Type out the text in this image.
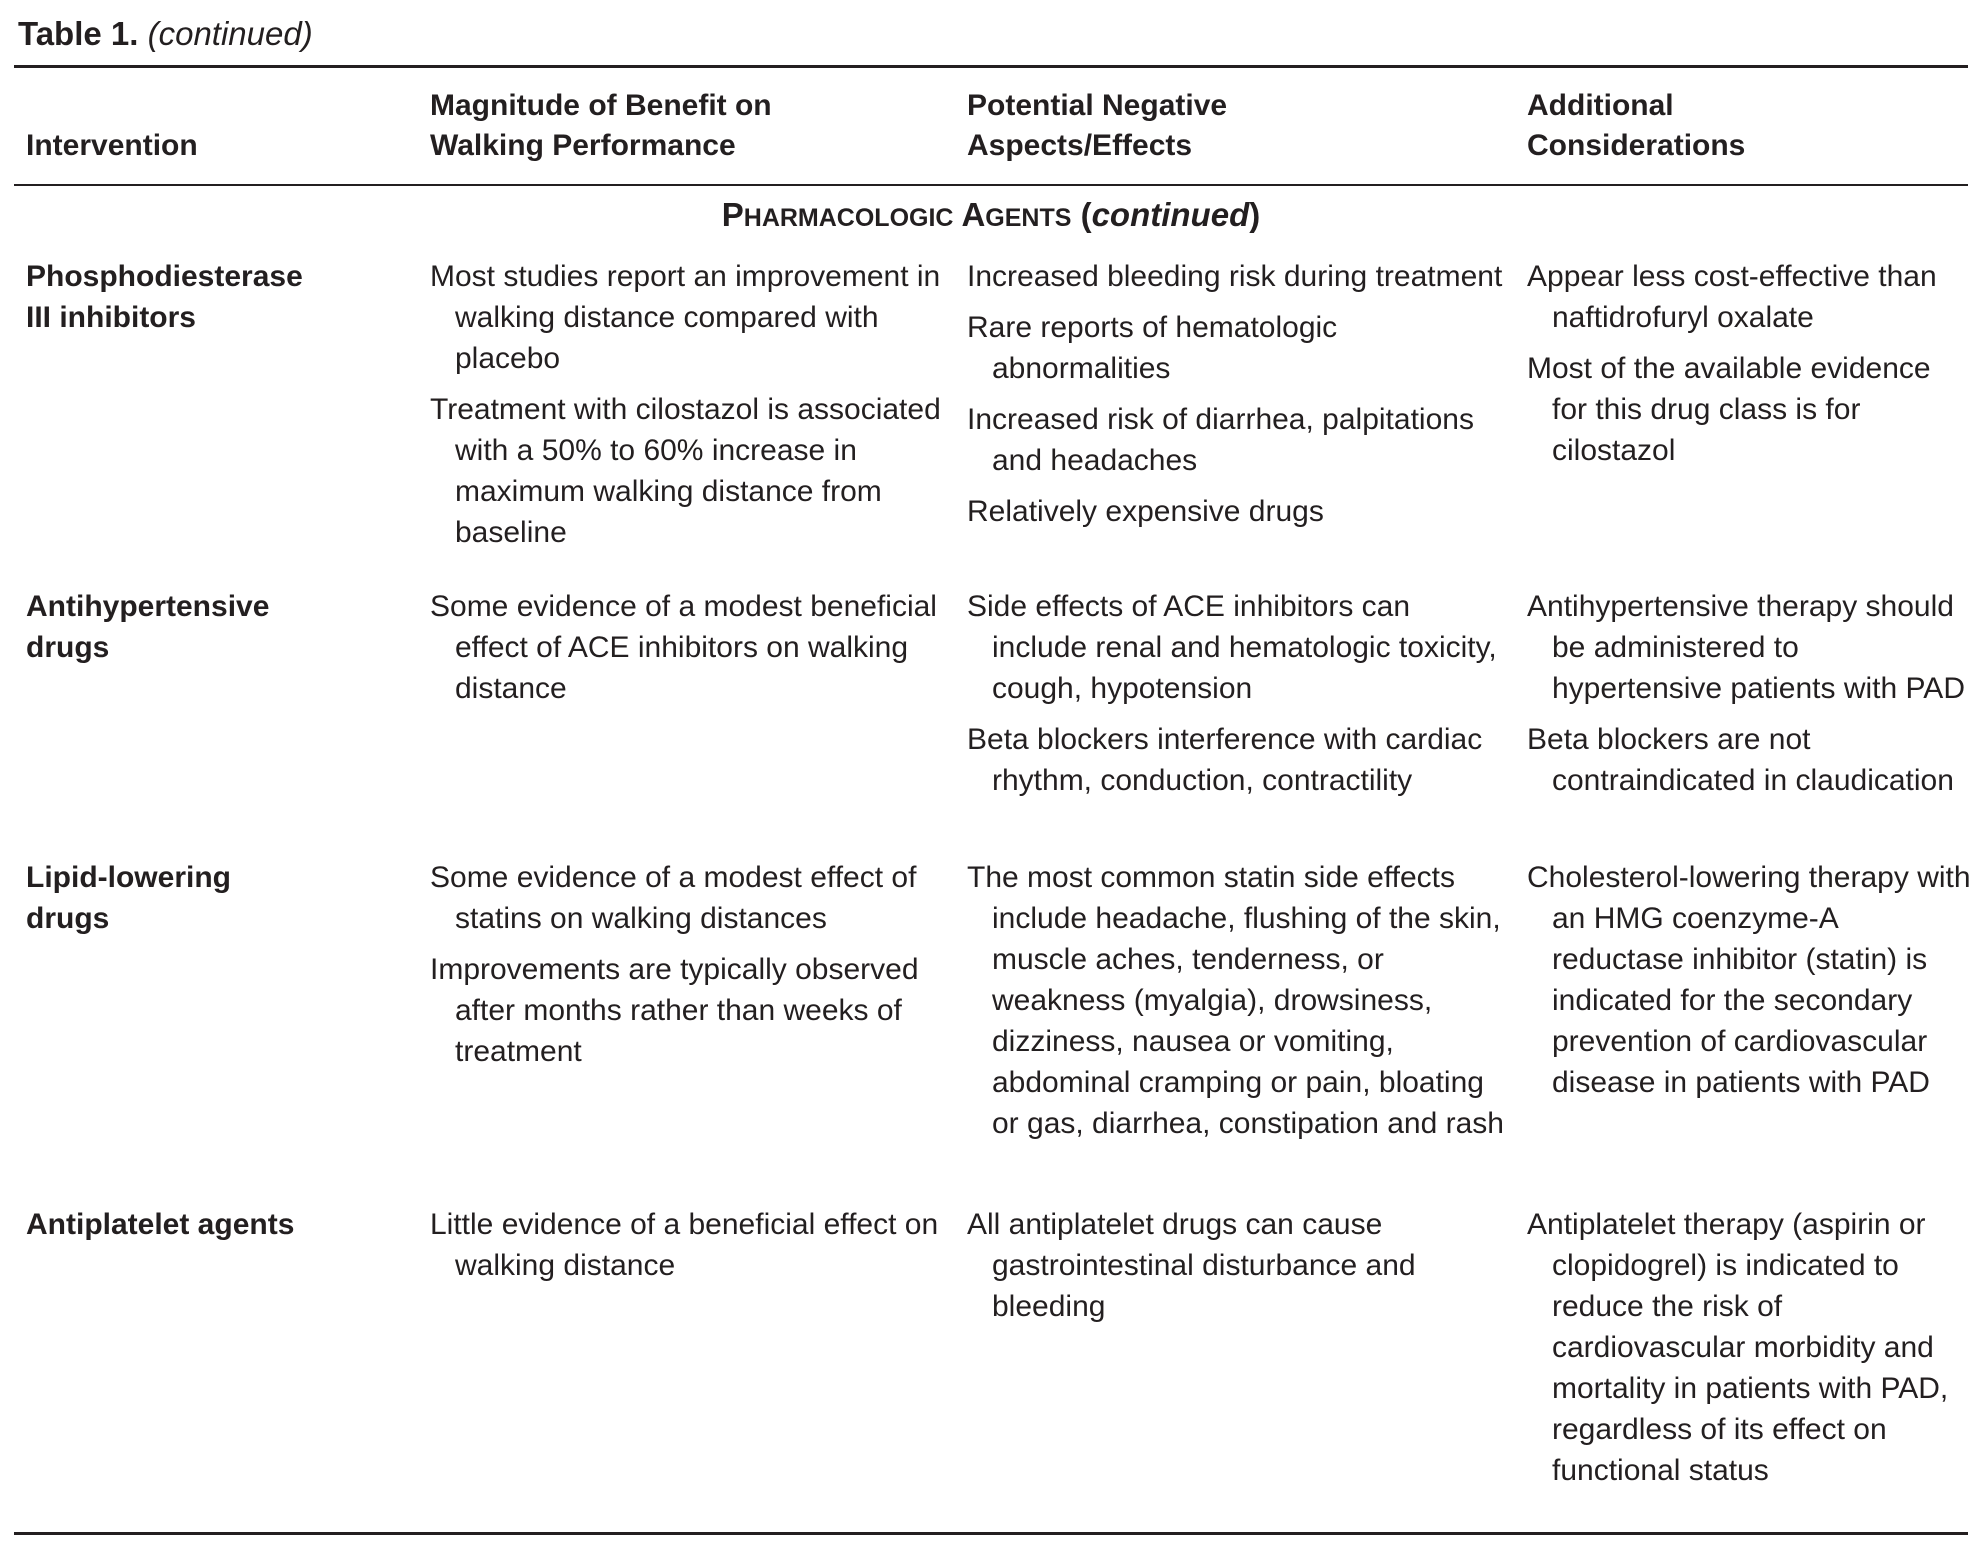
Table 1. (continued)

Intervention
Magnitude of Benefit on
Walking Performance
Potential Negative
Aspects/Effects
Additional
Considerations
PHARMACOLOGIC AGENTS (continued)
Phosphodiesterase
III inhibitors
Most studies report an improvement in walking distance compared with placebo
Treatment with cilostazol is associated with a 50% to 60% increase in maximum walking distance from baseline
Increased bleeding risk during treatment
Rare reports of hematologic abnormalities
Increased risk of diarrhea, palpitations and headaches
Relatively expensive drugs
Appear less cost-effective than naftidrofuryl oxalate
Most of the available evidence for this drug class is for cilostazol
Antihypertensive
drugs
Some evidence of a modest beneficial effect of ACE inhibitors on walking distance
Side effects of ACE inhibitors can include renal and hematologic toxicity, cough, hypotension
Beta blockers interference with cardiac rhythm, conduction, contractility
Antihypertensive therapy should be administered to hypertensive patients with PAD
Beta blockers are not contraindicated in claudication
Lipid-lowering
drugs
Some evidence of a modest effect of statins on walking distances
Improvements are typically observed after months rather than weeks of treatment
The most common statin side effects include headache, flushing of the skin, muscle aches, tenderness, or weakness (myalgia), drowsiness, dizziness, nausea or vomiting, abdominal cramping or pain, bloating or gas, diarrhea, constipation and rash
Cholesterol-lowering therapy with an HMG coenzyme-A reductase inhibitor (statin) is indicated for the secondary prevention of cardiovascular disease in patients with PAD
Antiplatelet agents	Little evidence of a beneficial effect on walking distance
All antiplatelet drugs can cause gastrointestinal disturbance and bleeding
Antiplatelet therapy (aspirin or clopidogrel) is indicated to reduce the risk of cardiovascular morbidity and mortality in patients with PAD, regardless of its effect on functional status
